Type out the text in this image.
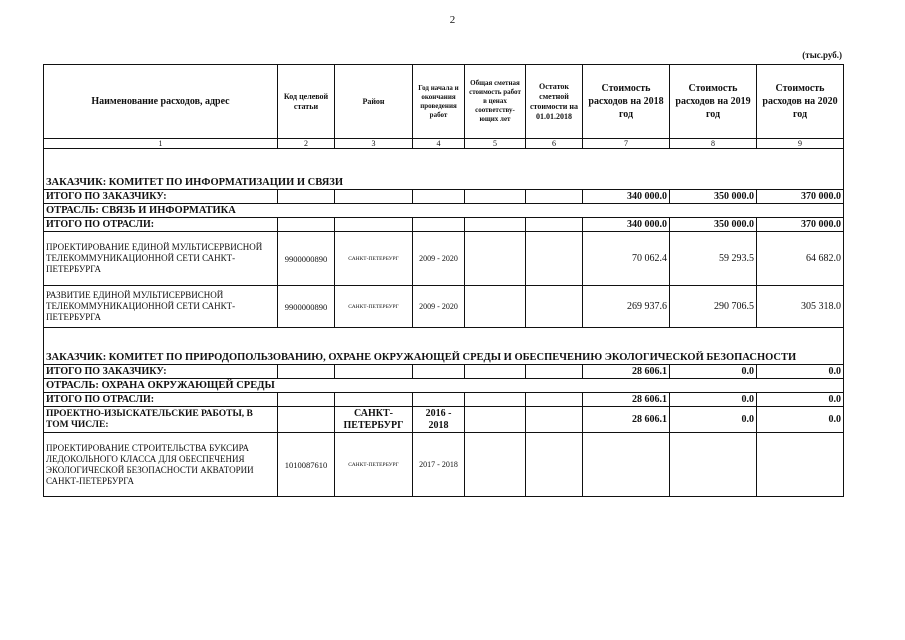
2
(тыс.руб.)
Наименование расходов, адрес	Код целевой статьи	Район	Год начала и окончания проведения работ	Общая сметная стоимость работ в ценах соответству-ющих лет	Остаток сметной стоимости на 01.01.2018	Стоимость расходов на 2018 год	Стоимость расходов на 2019 год	Стоимость расходов на 2020 год
1	2	3	4	5	6	7	8	9

ЗАКАЗЧИК: КОМИТЕТ ПО ИНФОРМАТИЗАЦИИ И СВЯЗИ								
ИТОГО ПО ЗАКАЗЧИКУ:						340 000.0	350 000.0	370 000.0
ОТРАСЛЬ: СВЯЗЬ И ИНФОРМАТИКА								
ИТОГО ПО ОТРАСЛИ:						340 000.0	350 000.0	370 000.0
ПРОЕКТИРОВАНИЕ ЕДИНОЙ МУЛЬТИСЕРВИСНОЙ ТЕЛЕКОММУНИКАЦИОННОЙ СЕТИ САНКТ-ПЕТЕРБУРГА	9900000890	САНКТ-ПЕТЕРБУРГ	2009 - 2020			70 062.4	59 293.5	64 682.0
РАЗВИТИЕ ЕДИНОЙ МУЛЬТИСЕРВИСНОЙ ТЕЛЕКОММУНИКАЦИОННОЙ СЕТИ САНКТ-ПЕТЕРБУРГА	9900000890	САНКТ-ПЕТЕРБУРГ	2009 - 2020			269 937.6	290 706.5	305 318.0
ЗАКАЗЧИК: КОМИТЕТ ПО ПРИРОДОПОЛЬЗОВАНИЮ, ОХРАНЕ ОКРУЖАЮЩЕЙ СРЕДЫ И ОБЕСПЕЧЕНИЮ ЭКОЛОГИЧЕСКОЙ БЕЗОПАСНОСТИ								
ИТОГО ПО ЗАКАЗЧИКУ:						28 606.1	0.0	0.0
ОТРАСЛЬ: ОХРАНА ОКРУЖАЮЩЕЙ СРЕДЫ								
ИТОГО ПО ОТРАСЛИ:						28 606.1	0.0	0.0
ПРОЕКТНО-ИЗЫСКАТЕЛЬСКИЕ РАБОТЫ, В ТОМ ЧИСЛЕ:		САНКТ-ПЕТЕРБУРГ	2016 - 2018			28 606.1	0.0	0.0
ПРОЕКТИРОВАНИЕ СТРОИТЕЛЬСТВА БУКСИРА ЛЕДОКОЛЬНОГО КЛАССА ДЛЯ ОБЕСПЕЧЕНИЯ ЭКОЛОГИЧЕСКОЙ БЕЗОПАСНОСТИ АКВАТОРИИ САНКТ-ПЕТЕРБУРГА	1010087610	САНКТ-ПЕТЕРБУРГ	2017 - 2018					
